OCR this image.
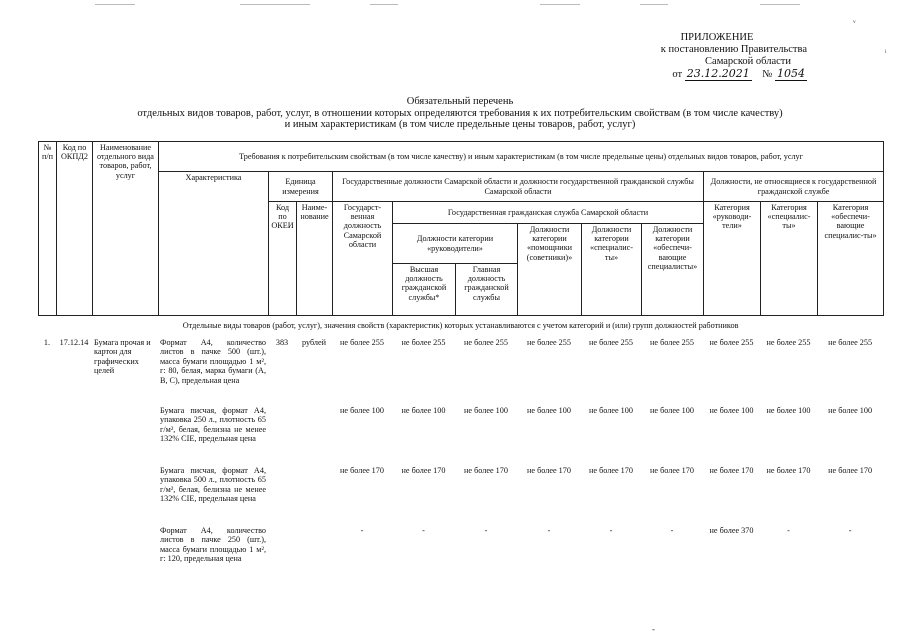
ᵥ
ᵢ
ПРИЛОЖЕНИЕ
к постановлению Правительства
Самарской области
от 23.12.2021 № 1054
Обязательный перечень
отдельных видов товаров, работ, услуг, в отношении которых определяются требования к их потребительским свойствам (в том числе качеству)
и иным характеристикам (в том числе предельные цены товаров, работ, услуг)
№ п/п	Код по ОКПД2	Наименование отдельного вида товаров, работ, услуг	Требования к потребительским свойствам (в том числе качеству) и иным характеристикам (в том числе предельные цены) отдельных видов товаров, работ, услуг											
			Характеристика	Единица измерения		Государственные должности Самарской области и должности государственной гражданской службы Самарской области						Должности, не относящиеся к государственной гражданской службе		
				Код по ОКЕИ	Наиме-нование	Государст-венная должность Самарской области	Государственная гражданская служба Самарской области					Категория «руководи-тели»	Категория «специалис-ты»	Категория «обеспечи-вающие специалис-ты»
							Должности категории «руководители»		Должности категории «помощники (советники)»	Должности категории «специалис-ты»	Должности категории «обеспечи-вающие специалисты»			
							Высшая должность гражданской службы*	Главная должность гражданской службы						
Отдельные виды товаров (работ, услуг), значения свойств (характеристик) которых устанавливаются с учетом категорий и (или) групп должностей работников														
1.	17.12.14	Бумага прочая и картон для графических целей	Формат А4, количество листов в пачке 500 (шт.), масса бумаги площадью 1 м², г: 80, белая, марка бумаги (А, В, С), предельная цена	383	рублей	не более 255	не более 255	не более 255	не более 255	не более 255	не более 255	не более 255	не более 255	не более 255
			Бумага писчая, формат А4, упаковка 250 л., плотность 65 г/м², белая, белизна не менее 132% CIE, предельная цена			не более 100	не более 100	не более 100	не более 100	не более 100	не более 100	не более 100	не более 100	не более 100
			Бумага писчая, формат А4, упаковка 500 л., плотность 65 г/м², белая, белизна не менее 132% CIE, предельная цена			не более 170	не более 170	не более 170	не более 170	не более 170	не более 170	не более 170	не более 170	не более 170
			Формат А4, количество листов в пачке 250 (шт.), масса бумаги площадью 1 м², г: 120, предельная цена			-	-	-	-	-	-	не более 370	-	-
-
